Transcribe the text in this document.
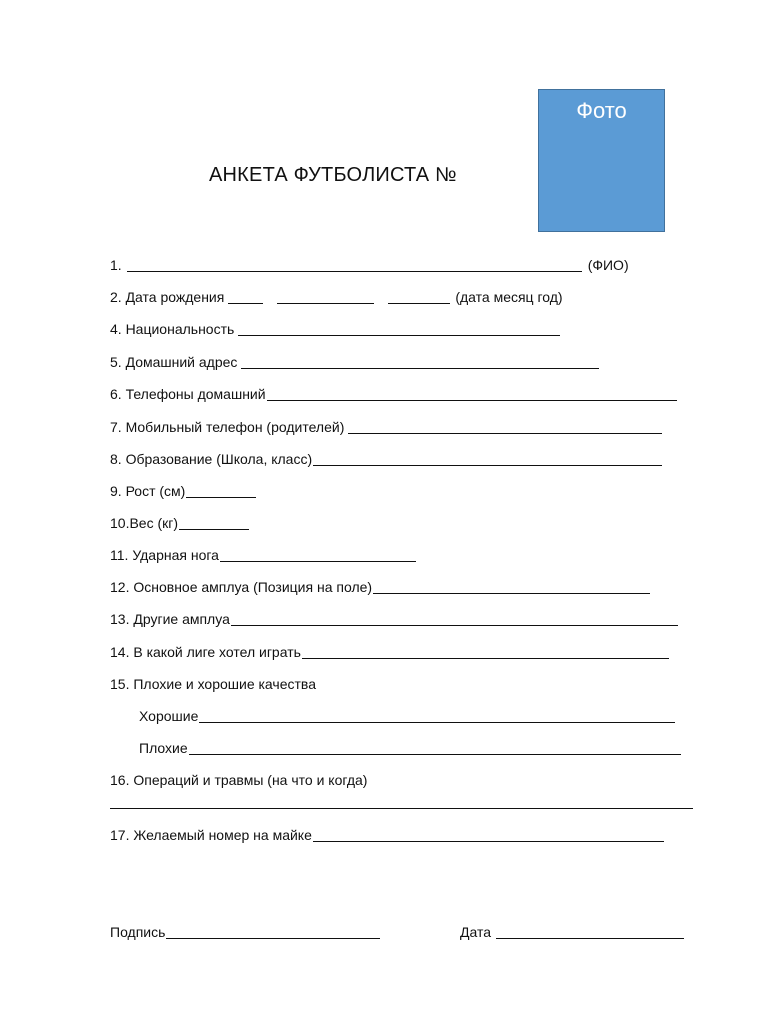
Фото
АНКЕТА ФУТБОЛИСТА №
1.	(ФИО)
2. Дата рождения	(дата месяц год)
4. Национальность
5. Домашний адрес
6. Телефоны домашний
7. Мобильный телефон (родителей)
8. Образование (Школа, класс)
9. Рост (см)
10.Вес (кг)
11. Ударная нога
12. Основное амплуа (Позиция на поле)
13. Другие амплуа
14. В какой лиге хотел играть
15. Плохие и хорошие качества
Хорошие
Плохие
16. Операций и травмы (на что и когда)
17. Желаемый номер на майке
Подпись	Дата
